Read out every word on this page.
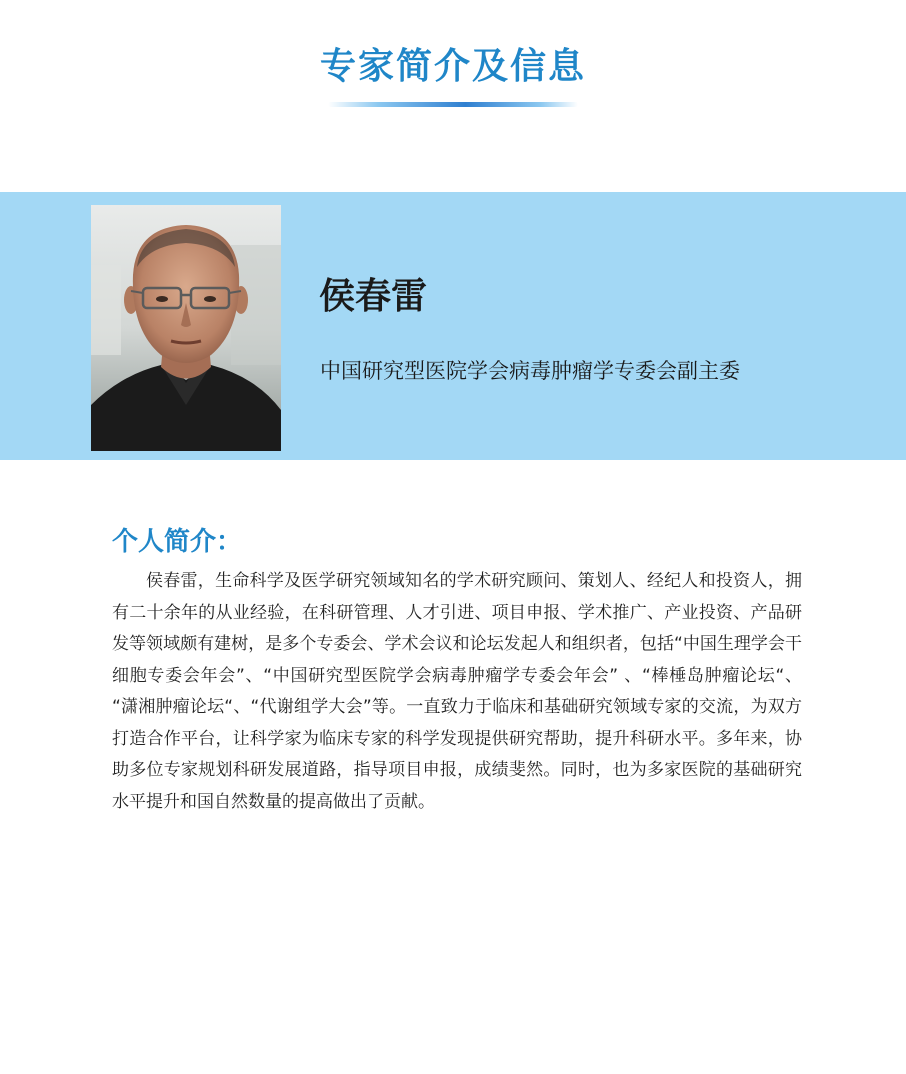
专家简介及信息
侯春雷
中国研究型医院学会病毒肿瘤学专委会副主委
个人简介：

侯春雷，生命科学及医学研究领域知名的学术研究顾问、策划人、经纪人和投资人，拥有二十余年的从业经验，在科研管理、人才引进、项目申报、学术推广、产业投资、产品研发等领域颇有建树，是多个专委会、学术会议和论坛发起人和组织者，包括“中国生理学会干细胞专委会年会”、“中国研究型医院学会病毒肿瘤学专委会年会” 、“棒棰岛肿瘤论坛“、 “潇湘肿瘤论坛“、“代谢组学大会”等。一直致力于临床和基础研究领域专家的交流，为双方打造合作平台，让科学家为临床专家的科学发现提供研究帮助，提升科研水平。多年来，协助多位专家规划科研发展道路，指导项目申报，成绩斐然。同时，也为多家医院的基础研究水平提升和国自然数量的提高做出了贡献。
